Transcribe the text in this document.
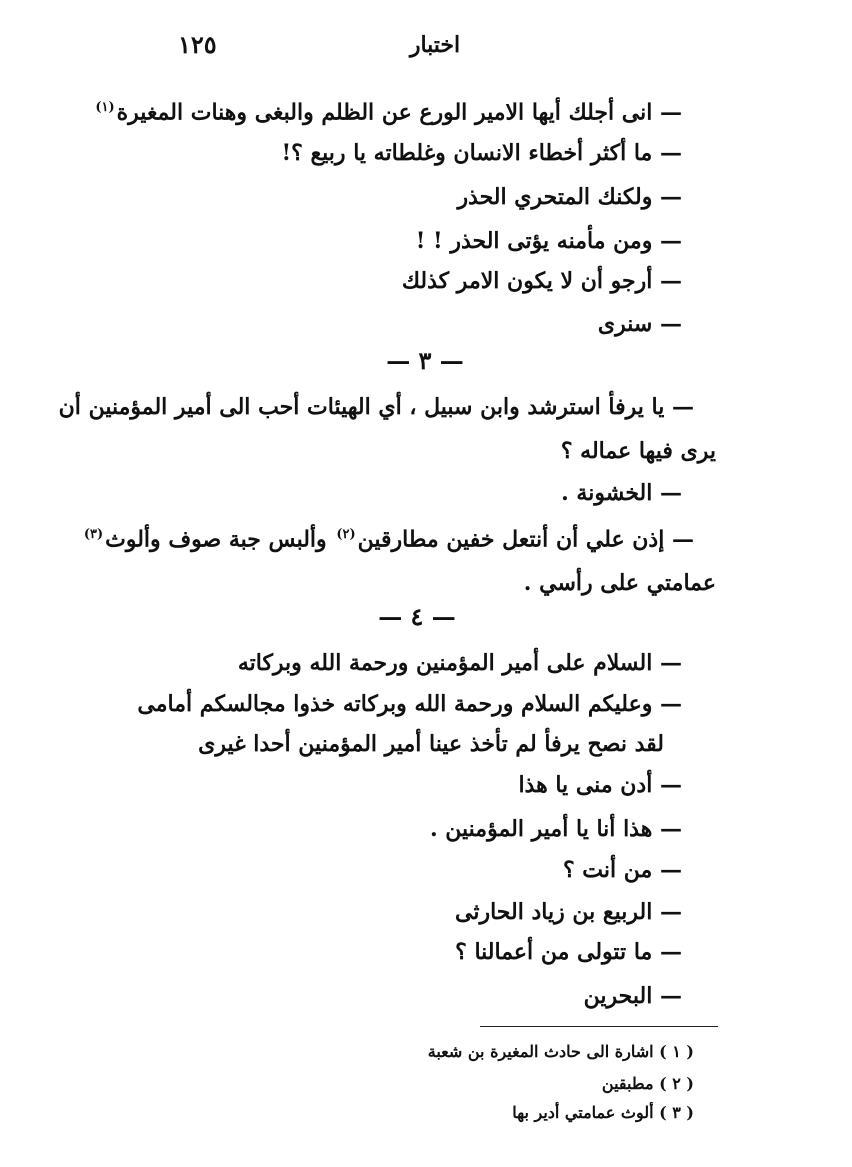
اختبار
١٢٥
— انى أجلك أيها الامير الورع عن الظلم والبغى وهنات المغيرة$^{(١)}$
— ما أكثر أخطاء الانسان وغلطاته يا ربيع ؟!
— ولكنك المتحري الحذر
— ومن مأمنه يؤتى الحذر ! !
— أرجو أن لا يكون الامر كذلك
— سنرى
— ٣ —
— يا يرفأ استرشد وابن سبيل ، أي الهيئات أحب الى أمير المؤمنين أن
يرى فيها عماله ؟
— الخشونة .
— إذن علي أن أنتعل خفين مطارقين$^{(٢)}$ وألبس جبة صوف وألوث$^{(٣)}$
عمامتي على رأسي .
— ٤ —
— السلام على أمير المؤمنين ورحمة الله وبركاته
— وعليكم السلام ورحمة الله وبركاته خذوا مجالسكم أمامى
لقد نصح يرفأ لم تأخذ عينا أمير المؤمنين أحدا غيرى
— أدن منى يا هذا
— هذا أنا يا أمير المؤمنين .
— من أنت ؟
— الربيع بن زياد الحارثى
— ما تتولى من أعمالنا ؟
— البحرين
( ١ ) اشارة الى حادث المغيرة بن شعبة
( ٢ ) مطبقين
( ٣ ) ألوث عمامتي أدير بها
